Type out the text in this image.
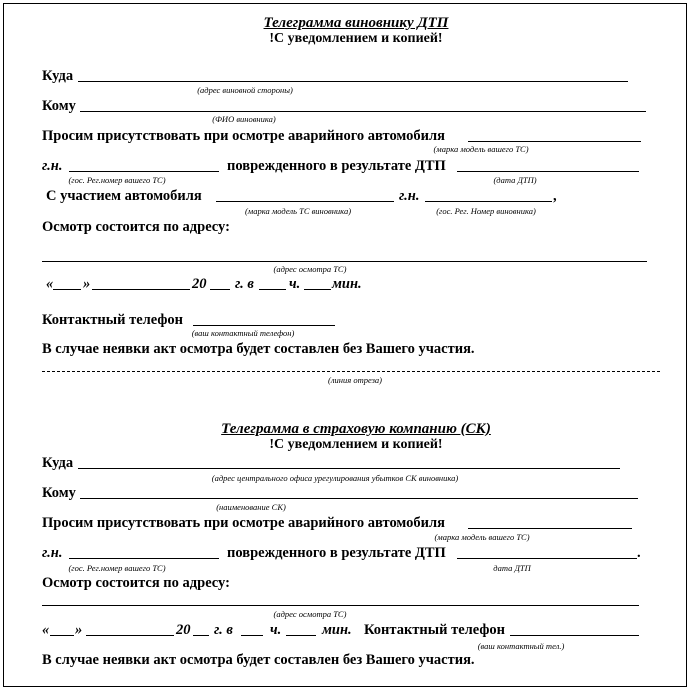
Телеграмма виновнику ДТП
!С уведомлением и копией!
Куда
(адрес виновной стороны)
Кому
(ФИО виновника)
Просим присутствовать при осмотре аварийного автомобиля
(марка модель вашего ТС)
г.н.	поврежденного в результате ДТП
(гос. Рег.номер вашего ТС)	(дата ДТП)
С участием автомобиля	г.н.	,
(марка модель ТС виновника)	(гос. Рег. Номер виновника)
Осмотр состоится по адресу:
(адрес осмотра ТС)
« »	20 г. в ч. мин.
Контактный телефон
(ваш контактный телефон)
В случае неявки акт осмотра будет составлен без Вашего участия.
(линия отреза)
Телеграмма в страховую компанию (СК)
!С уведомлением и копией!
Куда
(адрес центрального офиса урегулирования убытков СК виновника)
Кому
(наименование СК)
Просим присутствовать при осмотре аварийного автомобиля
(марка модель вашего ТС)
г.н.	поврежденного в результате ДТП	.
(гос. Рег.номер вашего ТС)	дата ДТП
Осмотр состоится по адресу:
(адрес осмотра ТС)
« »	20 г. в	ч.	мин. Контактный телефон
(ваш контактный тел.)
В случае неявки акт осмотра будет составлен без Вашего участия.
